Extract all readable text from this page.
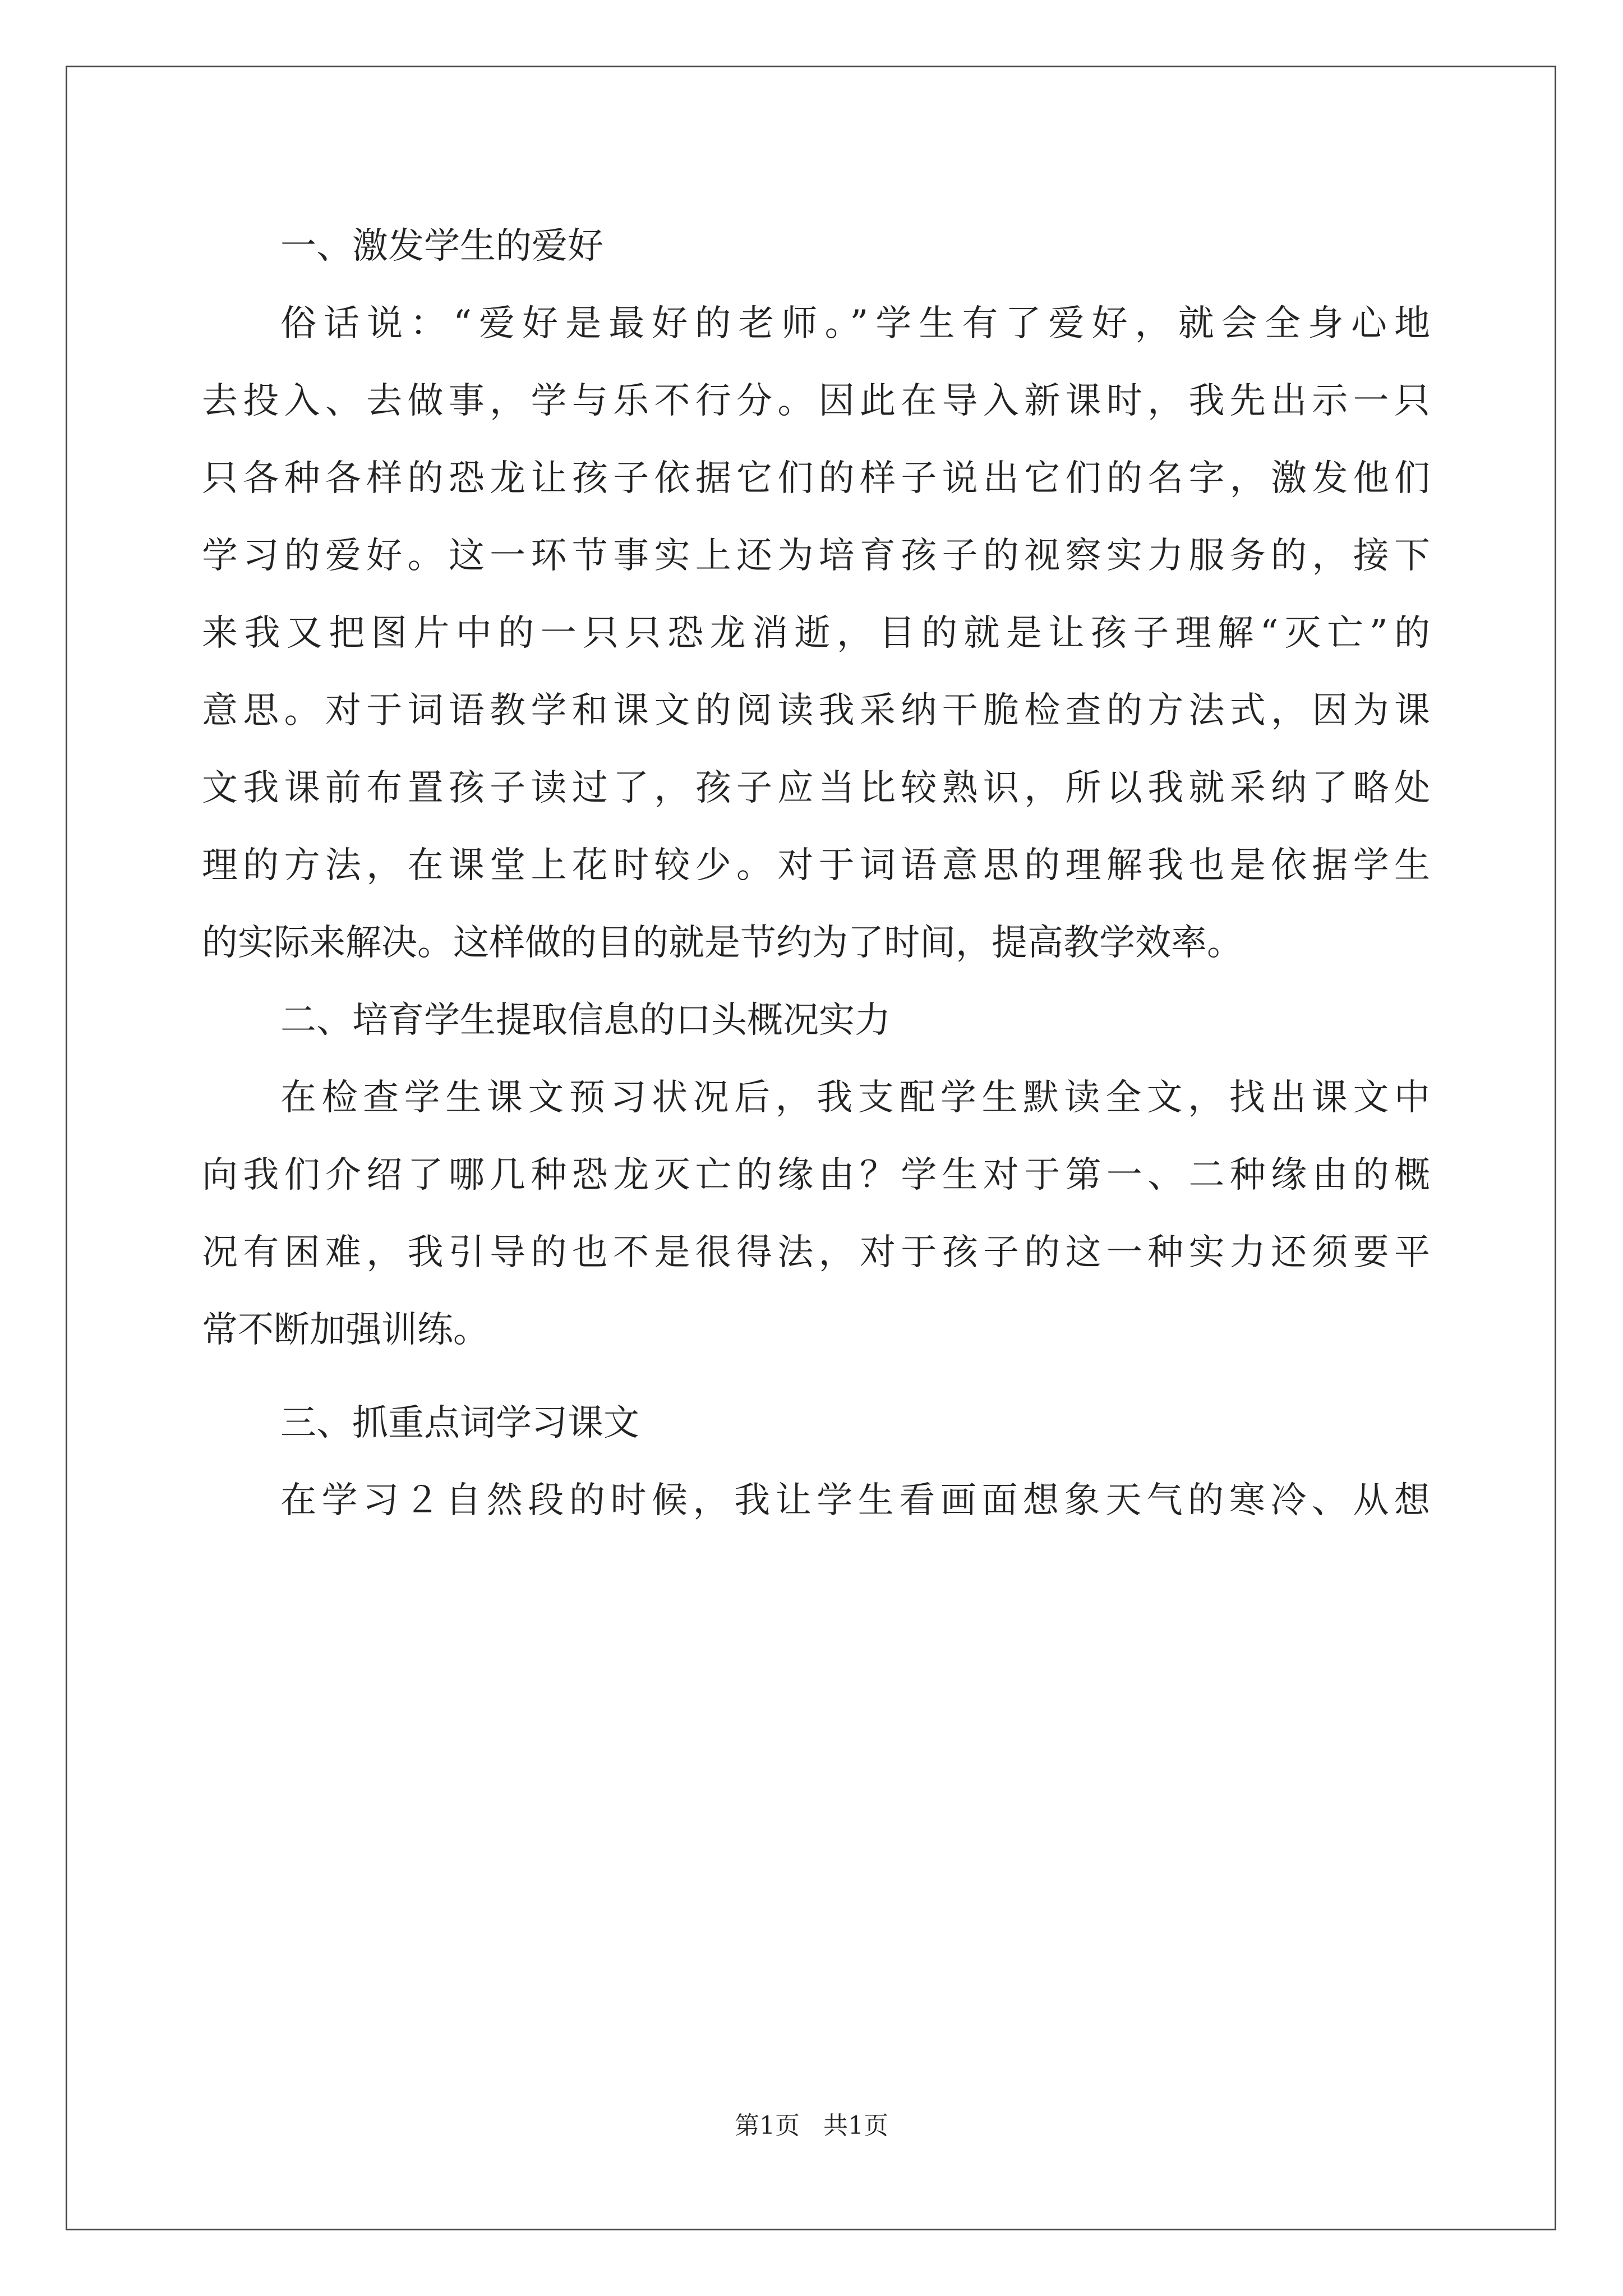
一、激发学生的爱好
俗话说：“爱好是最好的老师。”学生有了爱好，就会全身心地
去投入、去做事，学与乐不行分。因此在导入新课时，我先出示一只
只各种各样的恐龙让孩子依据它们的样子说出它们的名字，激发他们
学习的爱好。这一环节事实上还为培育孩子的视察实力服务的，接下
来我又把图片中的一只只恐龙消逝，目的就是让孩子理解“灭亡”的
意思。对于词语教学和课文的阅读我采纳干脆检查的方法式，因为课
文我课前布置孩子读过了，孩子应当比较熟识，所以我就采纳了略处
理的方法，在课堂上花时较少。对于词语意思的理解我也是依据学生
的实际来解决。这样做的目的就是节约为了时间，提高教学效率。
二、培育学生提取信息的口头概况实力
在检查学生课文预习状况后，我支配学生默读全文，找出课文中
向我们介绍了哪几种恐龙灭亡的缘由？学生对于第一、二种缘由的概
况有困难，我引导的也不是很得法，对于孩子的这一种实力还须要平
常不断加强训练。
三、抓重点词学习课文
在学习２自然段的时候，我让学生看画面想象天气的寒冷、从想
第1页 共1页
